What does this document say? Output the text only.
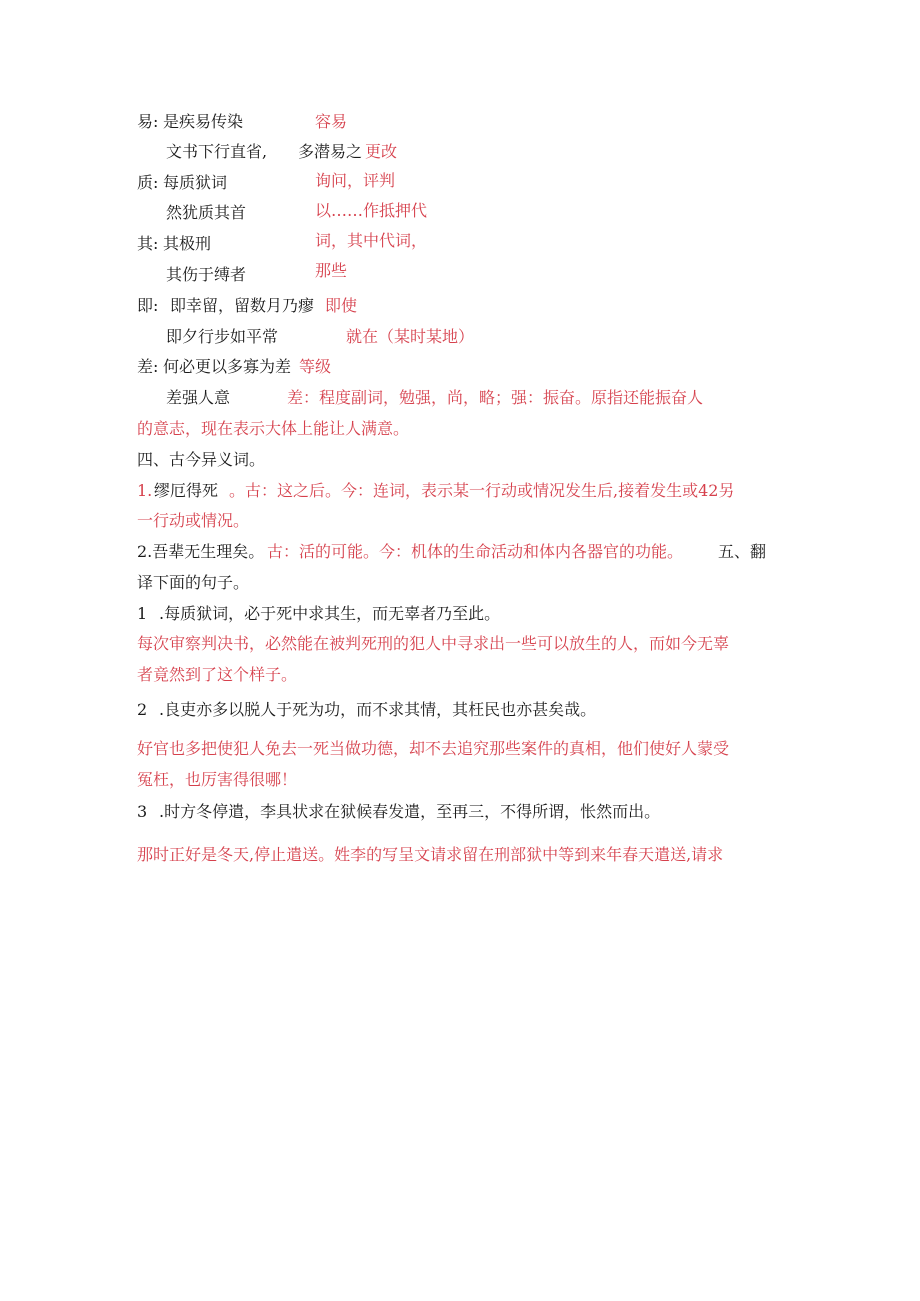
易: 是疾易传染	容易
文书下行直省, 多潜易之 更改
质: 每质狱词	询问，评判
然犹质其首	以……作抵押代
其: 其极刑	词，其中代词，
其伤于缚者	那些
即: 即幸留，留数月乃瘳 即使
即夕行步如平常	就在（某时某地）
差: 何必更以多寡为差 等级
差强人意	差：程度副词，勉强，尚，略；强：振奋。原指还能振奋人
的意志，现在表示大体上能让人满意。
四、古今异义词。
1. 缪厄得死 。古：这之后。今：连词，表示某一行动或情况发生后,接着发生或42另
一行动或情况。
2.吾辈无生理矣。 古：活的可能。今：机体的生命活动和体内各器官的功能。 五、翻
译下面的句子。
1 .每质狱词，必于死中求其生，而无辜者乃至此。
每次审察判决书，必然能在被判死刑的犯人中寻求出一些可以放生的人，而如今无辜
者竟然到了这个样子。
2 .良吏亦多以脱人于死为功，而不求其情，其枉民也亦甚矣哉。
好官也多把使犯人免去一死当做功德，却不去追究那些案件的真相，他们使好人蒙受
冤枉，也厉害得很哪！
3 .时方冬停遣，李具状求在狱候春发遣，至再三，不得所谓，怅然而出。
那时正好是冬天,停止遣送。姓李的写呈文请求留在刑部狱中等到来年春天遣送,请求
